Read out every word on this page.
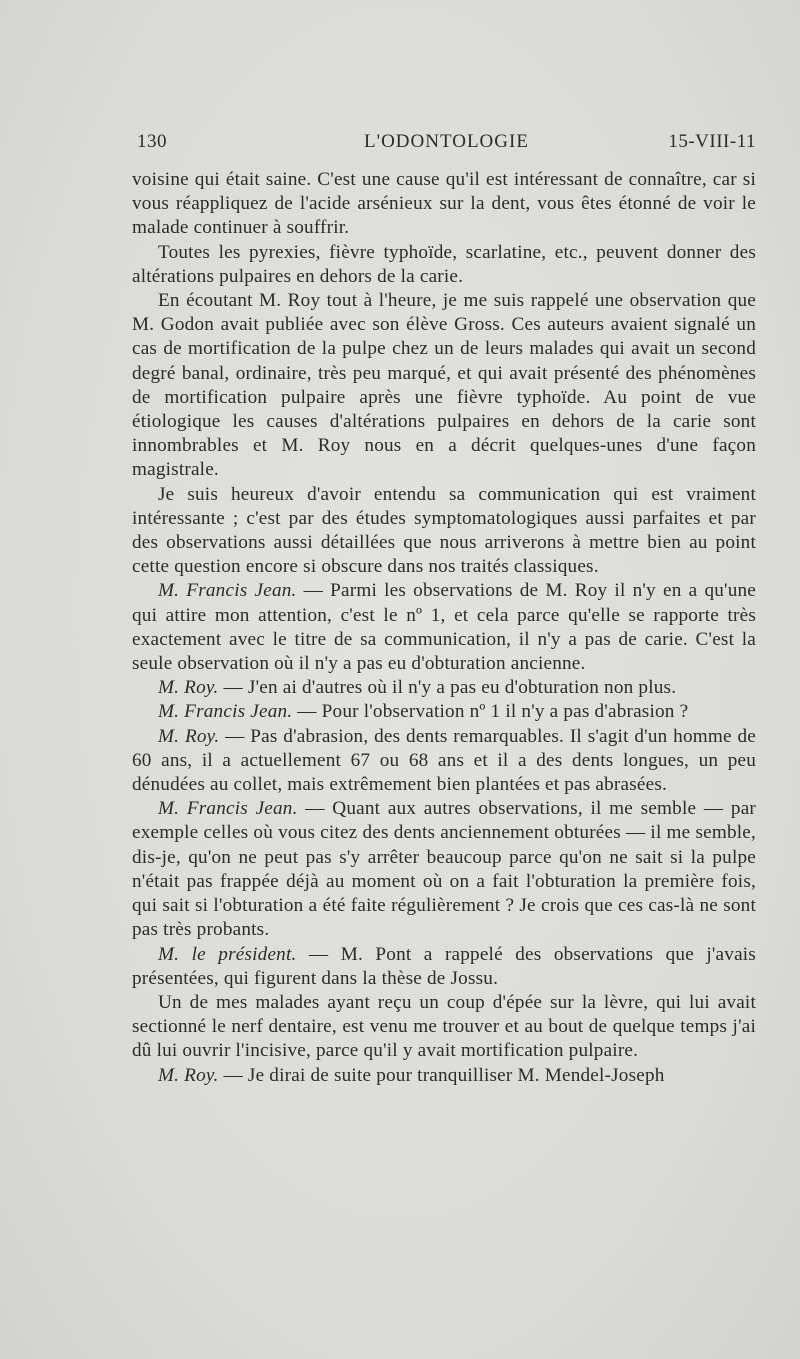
130	L'ODONTOLOGIE	15-VIII-11

voisine qui était saine. C'est une cause qu'il est intéressant de connaître, car si vous réappliquez de l'acide arsénieux sur la dent, vous êtes étonné de voir le malade continuer à souffrir.

Toutes les pyrexies, fièvre typhoïde, scarlatine, etc., peuvent donner des altérations pulpaires en dehors de la carie.

En écoutant M. Roy tout à l'heure, je me suis rappelé une observation que M. Godon avait publiée avec son élève Gross. Ces auteurs avaient signalé un cas de mortification de la pulpe chez un de leurs malades qui avait un second degré banal, ordinaire, très peu marqué, et qui avait présenté des phénomènes de mortification pulpaire après une fièvre typhoïde. Au point de vue étiologique les causes d'altérations pulpaires en dehors de la carie sont innombrables et M. Roy nous en a décrit quelques-unes d'une façon magistrale.

Je suis heureux d'avoir entendu sa communication qui est vraiment intéressante ; c'est par des études symptomatologiques aussi parfaites et par des observations aussi détaillées que nous arriverons à mettre bien au point cette question encore si obscure dans nos traités classiques.

M. Francis Jean. — Parmi les observations de M. Roy il n'y en a qu'une qui attire mon attention, c'est le nº 1, et cela parce qu'elle se rapporte très exactement avec le titre de sa communication, il n'y a pas de carie. C'est la seule observation où il n'y a pas eu d'obturation ancienne.

M. Roy. — J'en ai d'autres où il n'y a pas eu d'obturation non plus.

M. Francis Jean. — Pour l'observation nº 1 il n'y a pas d'abrasion ?

M. Roy. — Pas d'abrasion, des dents remarquables. Il s'agit d'un homme de 60 ans, il a actuellement 67 ou 68 ans et il a des dents longues, un peu dénudées au collet, mais extrêmement bien plantées et pas abrasées.

M. Francis Jean. — Quant aux autres observations, il me semble — par exemple celles où vous citez des dents anciennement obturées — il me semble, dis-je, qu'on ne peut pas s'y arrêter beaucoup parce qu'on ne sait si la pulpe n'était pas frappée déjà au moment où on a fait l'obturation la première fois, qui sait si l'obturation a été faite régulièrement ? Je crois que ces cas-là ne sont pas très probants.

M. le président. — M. Pont a rappelé des observations que j'avais présentées, qui figurent dans la thèse de Jossu.

Un de mes malades ayant reçu un coup d'épée sur la lèvre, qui lui avait sectionné le nerf dentaire, est venu me trouver et au bout de quelque temps j'ai dû lui ouvrir l'incisive, parce qu'il y avait mortification pulpaire.

M. Roy. — Je dirai de suite pour tranquilliser M. Mendel-Joseph
